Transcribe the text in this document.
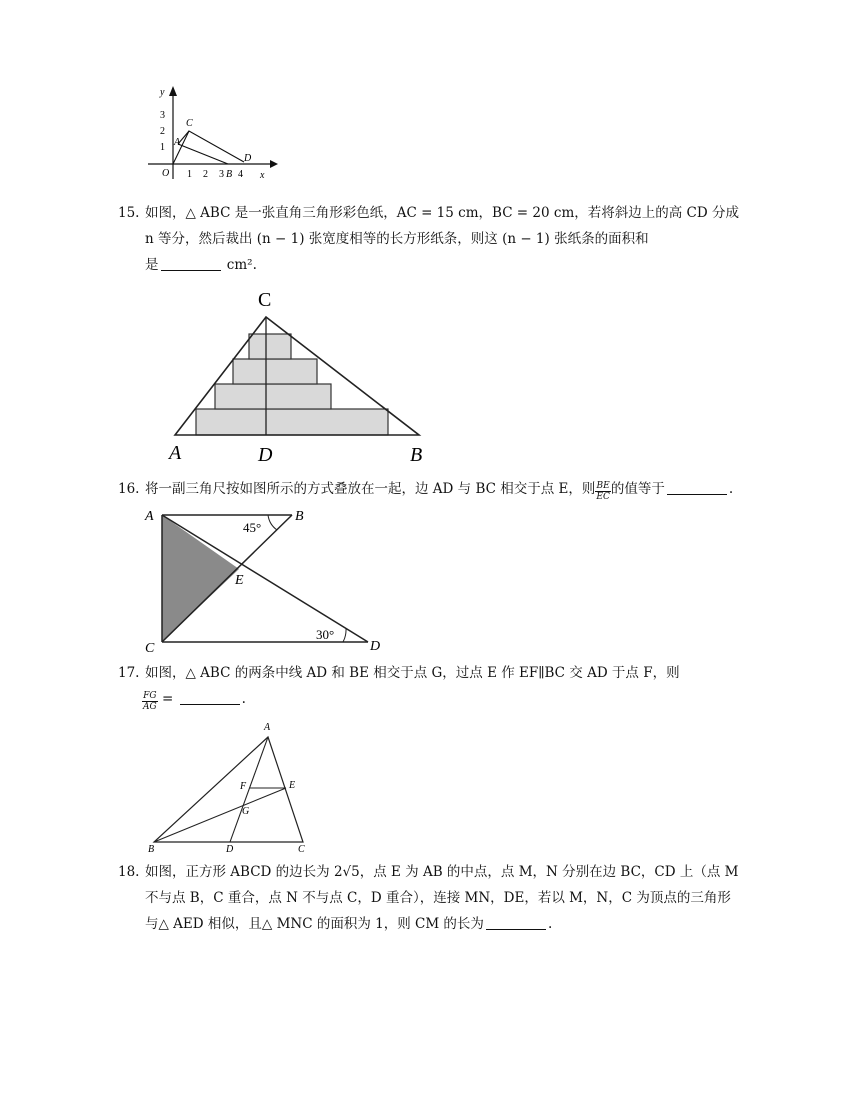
y
x
3
2
1
O 1 2 3 B 4
C
A
D
15. 如图，△ ABC 是一张直角三角形彩色纸，AC = 15 cm，BC = 20 cm，若将斜边上的高 CD 分成
n 等分，然后裁出 (n − 1) 张宽度相等的长方形纸条，则这 (n − 1) 张纸条的面积和
是	cm².
C
A	D	B
16. 将一副三角尺按如图所示的方式叠放在一起，边 AD 与 BC 相交于点 E，则 $\frac{BE}{EC}$ 的值等于	.
A	B
C	D
E
45°
30°
17. 如图，△ ABC 的两条中线 AD 和 BE 相交于点 G，过点 E 作 EF∥BC 交 AD 于点 F，则
$\frac{FG}{AG}$ =	.
A
B	D	C
E
F
G
18. 如图，正方形 ABCD 的边长为 2√5，点 E 为 AB 的中点，点 M，N 分别在边 BC，CD 上（点 M
不与点 B，C 重合，点 N 不与点 C，D 重合），连接 MN，DE，若以 M，N，C 为顶点的三角形
与△ AED 相似，且△ MNC 的面积为 1，则 CM 的长为	.
